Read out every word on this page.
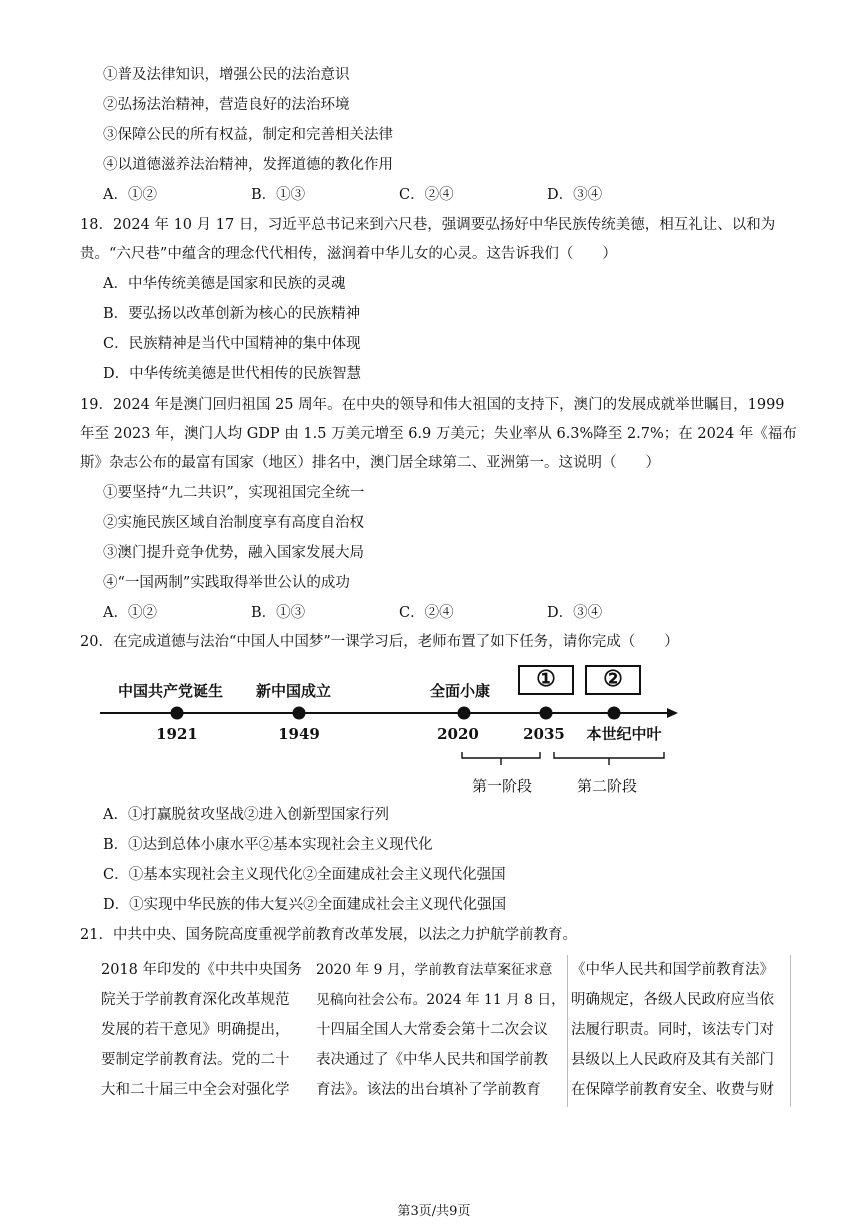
①普及法律知识，增强公民的法治意识
②弘扬法治精神，营造良好的法治环境
③保障公民的所有权益，制定和完善相关法律
④以道德滋养法治精神，发挥道德的教化作用
A．①②	B．①③	C．②④	D．③④
18．2024 年 10 月 17 日，习近平总书记来到六尺巷，强调要弘扬好中华民族传统美德，相互礼让、以和为
贵。“六尺巷”中蕴含的理念代代相传，滋润着中华儿女的心灵。这告诉我们（　　）
A．中华传统美德是国家和民族的灵魂
B．要弘扬以改革创新为核心的民族精神
C．民族精神是当代中国精神的集中体现
D．中华传统美德是世代相传的民族智慧
19．2024 年是澳门回归祖国 25 周年。在中央的领导和伟大祖国的支持下，澳门的发展成就举世瞩目，1999
年至 2023 年，澳门人均 GDP 由 1.5 万美元增至 6.9 万美元；失业率从 6.3%降至 2.7%；在 2024 年《福布
斯》杂志公布的最富有国家（地区）排名中，澳门居全球第二、亚洲第一。这说明（　　）
①要坚持“九二共识”，实现祖国完全统一
②实施民族区域自治制度享有高度自治权
③澳门提升竞争优势，融入国家发展大局
④“一国两制”实践取得举世公认的成功
A．①②	B．①③	C．②④	D．③④
20．在完成道德与法治“中国人中国梦”一课学习后，老师布置了如下任务，请你完成（　　）
中国共产党诞生 新中国成立	全面小康	①	②
1921	1949	2020	2035 本世纪中叶
第一阶段	第二阶段
A．①打赢脱贫攻坚战②进入创新型国家行列
B．①达到总体小康水平②基本实现社会主义现代化
C．①基本实现社会主义现代化②全面建成社会主义现代化强国
D．①实现中华民族的伟大复兴②全面建成社会主义现代化强国
21．中共中央、国务院高度重视学前教育改革发展，以法之力护航学前教育。
2018 年印发的《中共中央国务
院关于学前教育深化改革规范
发展的若干意见》明确提出，
要制定学前教育法。党的二十
大和二十届三中全会对强化学
2020 年 9 月，学前教育法草案征求意
见稿向社会公布。2024 年 11 月 8 日，
十四届全国人大常委会第十二次会议
表决通过了《中华人民共和国学前教
育法》。该法的出台填补了学前教育
《中华人民共和国学前教育法》
明确规定，各级人民政府应当依
法履行职责。同时，该法专门对
县级以上人民政府及其有关部门
在保障学前教育安全、收费与财
第3页/共9页
